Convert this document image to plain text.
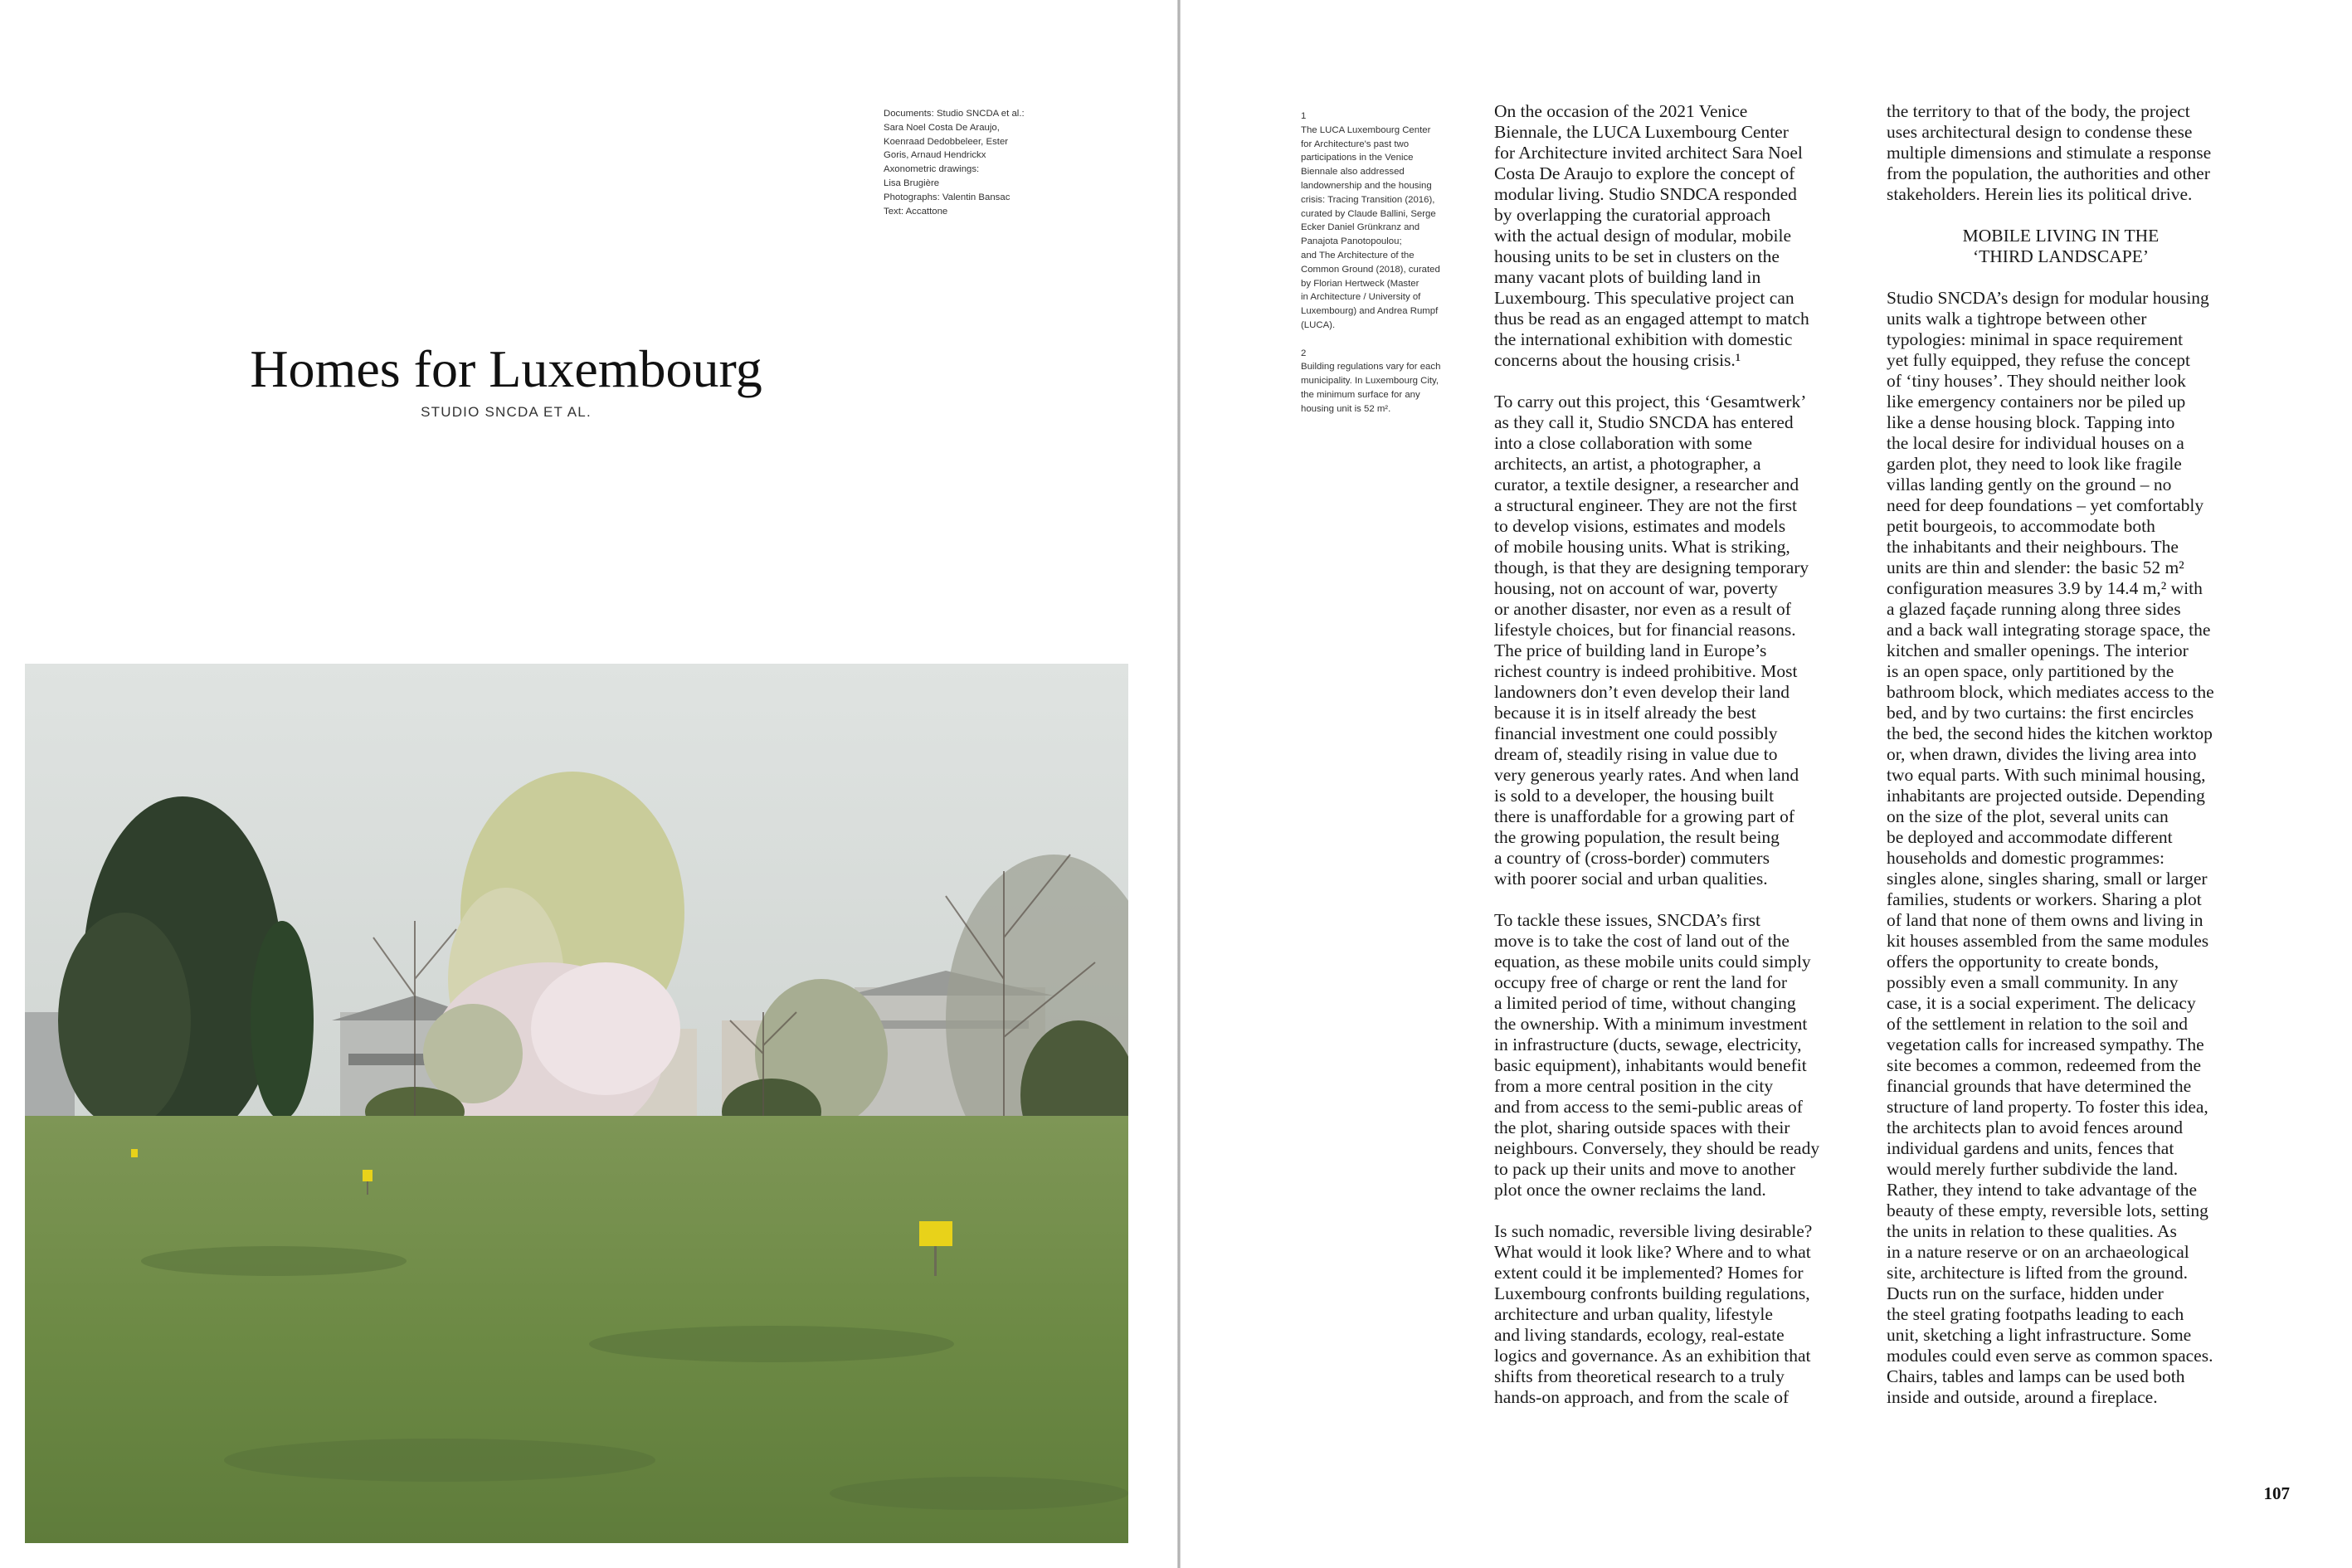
Documents: Studio SNCDA et al.:
Sara Noel Costa De Araujo,
Koenraad Dedobbeleer, Ester
Goris, Arnaud Hendrickx
Axonometric drawings:
Lisa Brugière
Photographs: Valentin Bansac
Text: Accattone
Homes for Luxembourg
STUDIO SNCDA ET AL.
1
The LUCA Luxembourg Center
for Architecture's past two
participations in the Venice
Biennale also addressed
landownership and the housing
crisis: Tracing Transition (2016),
curated by Claude Ballini, Serge
Ecker Daniel Grünkranz and
Panajota Panotopoulou;
and The Architecture of the
Common Ground (2018), curated
by Florian Hertweck (Master
in Architecture / University of
Luxembourg) and Andrea Rumpf
(LUCA).
2
Building regulations vary for each
municipality. In Luxembourg City,
the minimum surface for any
housing unit is 52 m².
On the occasion of the 2021 Venice
Biennale, the LUCA Luxembourg Center
for Architecture invited architect Sara Noel
Costa De Araujo to explore the concept of
modular living. Studio SNDCA responded
by overlapping the curatorial approach
with the actual design of modular, mobile
housing units to be set in clusters on the
many vacant plots of building land in
Luxembourg. This speculative project can
thus be read as an engaged attempt to match
the international exhibition with domestic
concerns about the housing crisis.¹
To carry out this project, this ‘Gesamtwerk’
as they call it, Studio SNCDA has entered
into a close collaboration with some
architects, an artist, a photographer, a
curator, a textile designer, a researcher and
a structural engineer. They are not the first
to develop visions, estimates and models
of mobile housing units. What is striking,
though, is that they are designing temporary
housing, not on account of war, poverty
or another disaster, nor even as a result of
lifestyle choices, but for financial reasons.
The price of building land in Europe’s
richest country is indeed prohibitive. Most
landowners don’t even develop their land
because it is in itself already the best
financial investment one could possibly
dream of, steadily rising in value due to
very generous yearly rates. And when land
is sold to a developer, the housing built
there is unaffordable for a growing part of
the growing population, the result being
a country of (cross-border) commuters
with poorer social and urban qualities.
To tackle these issues, SNCDA’s first
move is to take the cost of land out of the
equation, as these mobile units could simply
occupy free of charge or rent the land for
a limited period of time, without changing
the ownership. With a minimum investment
in infrastructure (ducts, sewage, electricity,
basic equipment), inhabitants would benefit
from a more central position in the city
and from access to the semi-public areas of
the plot, sharing outside spaces with their
neighbours. Conversely, they should be ready
to pack up their units and move to another
plot once the owner reclaims the land.
Is such nomadic, reversible living desirable?
What would it look like? Where and to what
extent could it be implemented? Homes for
Luxembourg confronts building regulations,
architecture and urban quality, lifestyle
and living standards, ecology, real-estate
logics and governance. As an exhibition that
shifts from theoretical research to a truly
hands-on approach, and from the scale of
the territory to that of the body, the project
uses architectural design to condense these
multiple dimensions and stimulate a response
from the population, the authorities and other
stakeholders. Herein lies its political drive.
MOBILE LIVING IN THE
‘THIRD LANDSCAPE’
Studio SNCDA’s design for modular housing
units walk a tightrope between other
typologies: minimal in space requirement
yet fully equipped, they refuse the concept
of ‘tiny houses’. They should neither look
like emergency containers nor be piled up
like a dense housing block. Tapping into
the local desire for individual houses on a
garden plot, they need to look like fragile
villas landing gently on the ground – no
need for deep foundations – yet comfortably
petit bourgeois, to accommodate both
the inhabitants and their neighbours. The
units are thin and slender: the basic 52 m²
configuration measures 3.9 by 14.4 m,² with
a glazed façade running along three sides
and a back wall integrating storage space, the
kitchen and smaller openings. The interior
is an open space, only partitioned by the
bathroom block, which mediates access to the
bed, and by two curtains: the first encircles
the bed, the second hides the kitchen worktop
or, when drawn, divides the living area into
two equal parts. With such minimal housing,
inhabitants are projected outside. Depending
on the size of the plot, several units can
be deployed and accommodate different
households and domestic programmes:
singles alone, singles sharing, small or larger
families, students or workers. Sharing a plot
of land that none of them owns and living in
kit houses assembled from the same modules
offers the opportunity to create bonds,
possibly even a small community. In any
case, it is a social experiment. The delicacy
of the settlement in relation to the soil and
vegetation calls for increased sympathy. The
site becomes a common, redeemed from the
financial grounds that have determined the
structure of land property. To foster this idea,
the architects plan to avoid fences around
individual gardens and units, fences that
would merely further subdivide the land.
Rather, they intend to take advantage of the
beauty of these empty, reversible lots, setting
the units in relation to these qualities. As
in a nature reserve or on an archaeological
site, architecture is lifted from the ground.
Ducts run on the surface, hidden under
the steel grating footpaths leading to each
unit, sketching a light infrastructure. Some
modules could even serve as common spaces.
Chairs, tables and lamps can be used both
inside and outside, around a fireplace.
107
